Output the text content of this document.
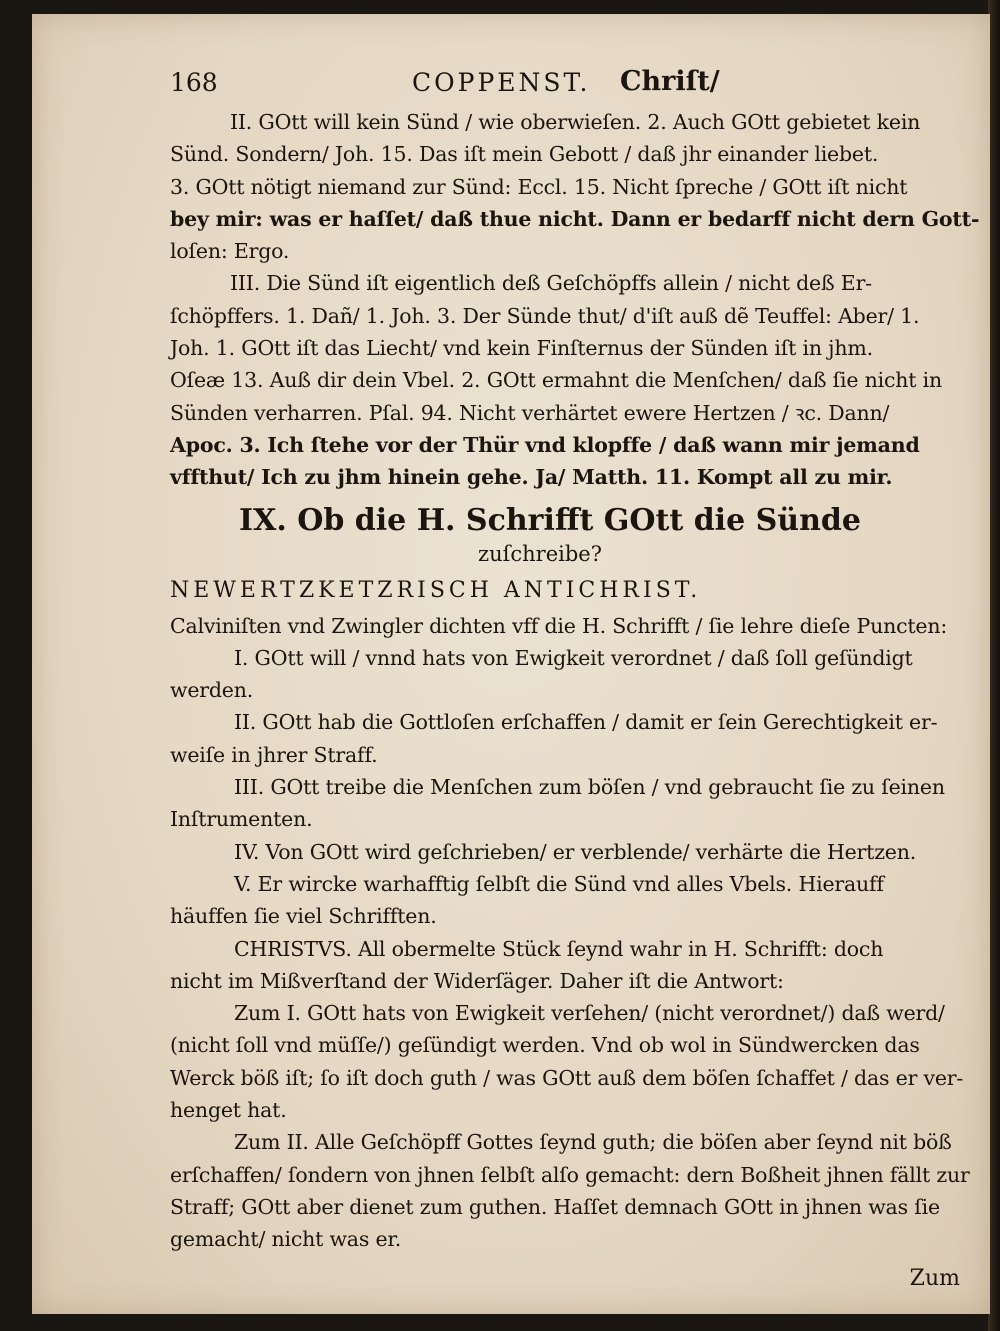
168	COPPENST. Chriſt/
II. GOtt will kein Sünd / wie oberwieſen. 2. Auch GOtt gebietet kein
Sünd. Sondern/ Joh. 15. Das iſt mein Gebott / daß jhr einander liebet.
3. GOtt nötigt niemand zur Sünd: Eccl. 15. Nicht ſpreche / GOtt iſt nicht
bey mir: was er haſſet/ daß thue nicht. Dann er bedarff nicht dern Gott-
loſen: Ergo.
III. Die Sünd iſt eigentlich deß Geſchöpffs allein / nicht deß Er-
ſchöpffers. 1. Dañ/ 1. Joh. 3. Der Sünde thut/ d'iſt auß dẽ Teuffel: Aber/ 1.
Joh. 1. GOtt iſt das Liecht/ vnd kein Finſternus der Sünden iſt in jhm.
Oſeæ 13. Auß dir dein Vbel. 2. GOtt ermahnt die Menſchen/ daß ſie nicht in
Sünden verharren. Pſal. 94. Nicht verhärtet ewere Hertzen / ꝛc. Dann/
Apoc. 3. Ich ſtehe vor der Thür vnd klopffe / daß wann mir jemand
vffthut/ Ich zu jhm hinein gehe. Ja/ Matth. 11. Kompt all zu mir.
IX. Ob die H. Schrifft GOtt die Sünde
zuſchreibe?
NEWERTZKETZRISCH ANTICHRIST.
Calviniſten vnd Zwingler dichten vff die H. Schrifft / ſie lehre dieſe Puncten:
I. GOtt will / vnnd hats von Ewigkeit verordnet / daß ſoll geſündigt
werden.
II. GOtt hab die Gottloſen erſchaffen / damit er ſein Gerechtigkeit er-
weiſe in jhrer Straff.
III. GOtt treibe die Menſchen zum böſen / vnd gebraucht ſie zu ſeinen
Inſtrumenten.
IV. Von GOtt wird geſchrieben/ er verblende/ verhärte die Hertzen.
V. Er wircke warhafftig ſelbſt die Sünd vnd alles Vbels. Hierauff
häuffen ſie viel Schrifften.
CHRISTVS. All obermelte Stück ſeynd wahr in H. Schrifft: doch
nicht im Mißverſtand der Widerſäger. Daher iſt die Antwort:
Zum I. GOtt hats von Ewigkeit verſehen/ (nicht verordnet/) daß werd/
(nicht ſoll vnd müſſe/) geſündigt werden. Vnd ob wol in Sündwercken das
Werck böß iſt; ſo iſt doch guth / was GOtt auß dem böſen ſchaffet / das er ver-
henget hat.
Zum II. Alle Geſchöpff Gottes ſeynd guth; die böſen aber ſeynd nit böß
erſchaffen/ ſondern von jhnen ſelbſt alſo gemacht: dern Boßheit jhnen fällt zur
Straff; GOtt aber dienet zum guthen. Haſſet demnach GOtt in jhnen was ſie
gemacht/ nicht was er.
Zum
